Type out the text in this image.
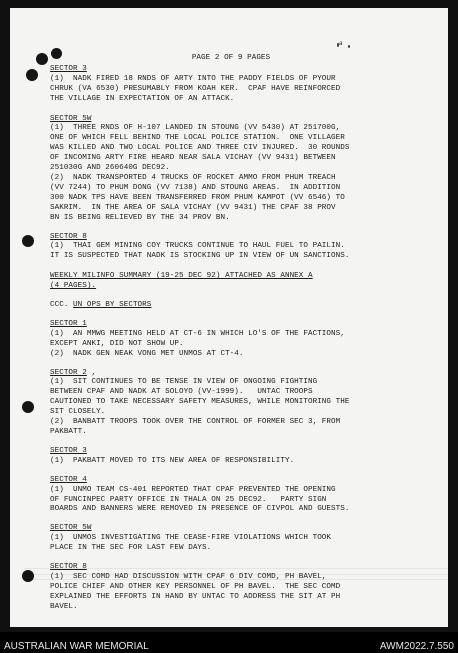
a
PAGE 2 OF 9 PAGES
SECTOR 3
(1)  NADK FIRED 18 RNDS OF ARTY INTO THE PADDY FIELDS OF PYOUR
CHRUK (VA 6530) PRESUMABLY FROM KOAH KER.  CPAF HAVE REINFORCED
THE VILLAGE IN EXPECTATION OF AN ATTACK.
SECTOR 5W
(1)  THREE RNDS OF H-107 LANDED IN STOUNG (VV 5430) AT 251700G,
ONE OF WHICH FELL BEHIND THE LOCAL POLICE STATION.  ONE VILLAGER
WAS KILLED AND TWO LOCAL POLICE AND THREE CIV INJURED.  30 ROUNDS
OF INCOMING ARTY FIRE HEARD NEAR SALA VICHAY (VV 9431) BETWEEN
251030G AND 260640G DEC92.
(2)  NADK TRANSPORTED 4 TRUCKS OF ROCKET AMMO FROM PHUM TREACH
(VV 7244) TO PHUM DONG (VV 7138) AND STOUNG AREAS.  IN ADDITION
300 NADK TPS HAVE BEEN TRANSFERRED FROM PHUM KAMPOT (VV 6546) TO
SAKRIM.  IN THE AREA OF SALA VICHAY (VV 9431) THE CPAF 38 PROV
BN IS BEING RELIEVED BY THE 34 PROV BN.
SECTOR 8
(1)  THAI GEM MINING COY TRUCKS CONTINUE TO HAUL FUEL TO PAILIN.
IT IS SUSPECTED THAT NADK IS STOCKING UP IN VIEW OF UN SANCTIONS.
WEEKLY MILINFO SUMMARY (19-25 DEC 92) ATTACHED AS ANNEX A
(4 PAGES).
CCC. UN OPS BY SECTORS
SECTOR 1
(1)  AN MMWG MEETING HELD AT CT-6 IN WHICH LO'S OF THE FACTIONS,
EXCEPT ANKI, DID NOT SHOW UP.
(2)  NADK GEN NEAK VONG MET UNMOS AT CT-4.
SECTOR 2 ,
(1)  SIT CONTINUES TO BE TENSE IN VIEW OF ONGOING FIGHTING
BETWEEN CPAF AND NADK AT SOLOYO (VV-1999).   UNTAC TROOPS
CAUTIONED TO TAKE NECESSARY SAFETY MEASURES, WHILE MONITORING THE
SIT CLOSELY.
(2)  BANBATT TROOPS TOOK OVER THE CONTROL OF FORMER SEC 3, FROM
PAKBATT.
SECTOR 3
(1)  PAKBATT MOVED TO ITS NEW AREA OF RESPONSIBILITY.
SECTOR 4
(1)  UNMO TEAM CS-401 REPORTED THAT CPAF PREVENTED THE OPENING
OF FUNCINPEC PARTY OFFICE IN THALA ON 25 DEC92.   PARTY SIGN
BOARDS AND BANNERS WERE REMOVED IN PRESENCE OF CIVPOL AND GUESTS.
SECTOR 5W
(1)  UNMOS INVESTIGATING THE CEASE-FIRE VIOLATIONS WHICH TOOK
PLACE IN THE SEC FOR LAST FEW DAYS.
SECTOR 8
(1)  SEC COMD HAD DISCUSSION WITH CPAF 6 DIV COMD, PH BAVEL,
POLICE CHIEF AND OTHER KEY PERSONNEL OF PH BAVEL.  THE SEC COMD
EXPLAINED THE EFFORTS IN HAND BY UNTAC TO ADDRESS THE SIT AT PH
BAVEL.
AUSTRALIAN WAR MEMORIAL	AWM2022.7.550
